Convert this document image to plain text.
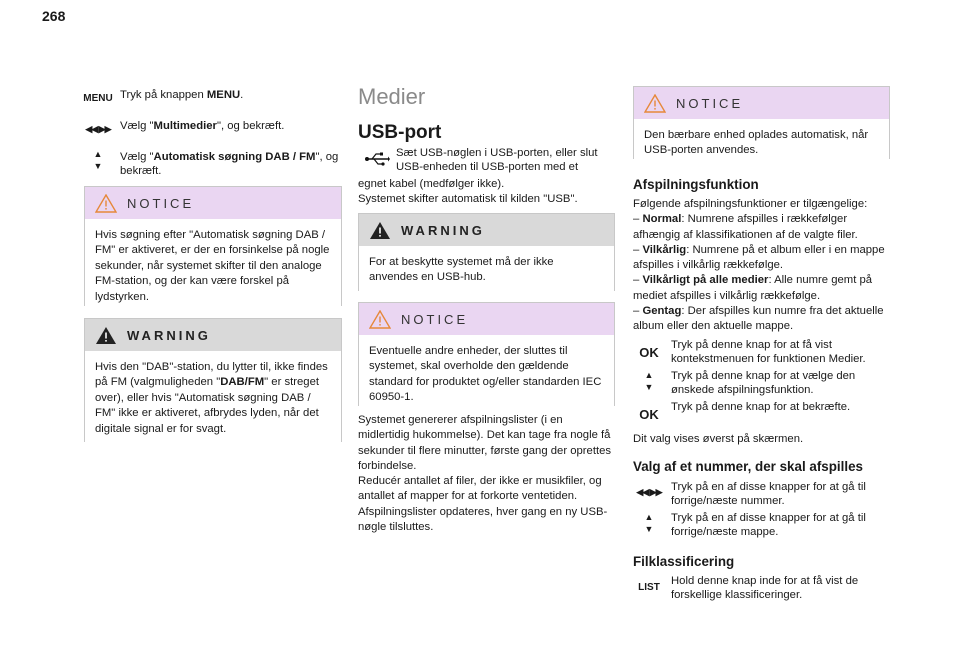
268
MENU Tryk på knappen MENU.
◀◀ ▶▶ Vælg "Multimedier", og bekræft.
▲
▼
Vælg "Automatisk søgning DAB / FM", og bekræft.
NOTICE
Hvis søgning efter "Automatisk søgning DAB / FM" er aktiveret, er der en forsinkelse på nogle sekunder, når systemet skifter til den analoge FM-station, og der kan være forskel på lydstyrken.
WARNING
Hvis den "DAB"-station, du lytter til, ikke findes på FM (valgmuligheden "DAB/FM" er streget over), eller hvis "Automatisk søgning DAB / FM" ikke er aktiveret, afbrydes lyden, når det digitale signal er for svagt.
Medier
USB-port
Sæt USB-nøglen i USB-porten, eller slut USB-enheden til USB-porten med et
egnet kabel (medfølger ikke).
Systemet skifter automatisk til kilden "USB".
WARNING
For at beskytte systemet må der ikke anvendes en USB-hub.
NOTICE
Eventuelle andre enheder, der sluttes til systemet, skal overholde den gældende standard for produktet og/eller standarden IEC 60950-1.
Systemet genererer afspilningslister (i en midlertidig hukommelse). Det kan tage fra nogle få sekunder til flere minutter, første gang der oprettes forbindelse.
Reducér antallet af filer, der ikke er musikfiler, og antallet af mapper for at forkorte ventetiden.
Afspilningslister opdateres, hver gang en ny USB-nøgle tilsluttes.
NOTICE
Den bærbare enhed oplades automatisk, når USB-porten anvendes.
Afspilningsfunktion
Følgende afspilningsfunktioner er tilgængelige:
– Normal: Numrene afspilles i rækkefølger afhængig af klassifikationen af de valgte filer.
– Vilkårlig: Numrene på et album eller i en mappe afspilles i vilkårlig rækkefølge.
– Vilkårligt på alle medier: Alle numre gemt på mediet afspilles i vilkårlig rækkefølge.
– Gentag: Der afspilles kun numre fra det aktuelle album eller den aktuelle mappe.
OK	Tryk på denne knap for at få vist kontekstmenuen for funktionen Medier.
▲
▼
Tryk på denne knap for at vælge den ønskede afspilningsfunktion.
OK	Tryk på denne knap for at bekræfte.
Dit valg vises øverst på skærmen.
Valg af et nummer, der skal afspilles
◀◀ ▶▶ Tryk på en af disse knapper for at gå til forrige/næste nummer.
▲
▼
Tryk på en af disse knapper for at gå til forrige/næste mappe.
Filklassificering
LIST
Hold denne knap inde for at få vist de forskellige klassificeringer.
